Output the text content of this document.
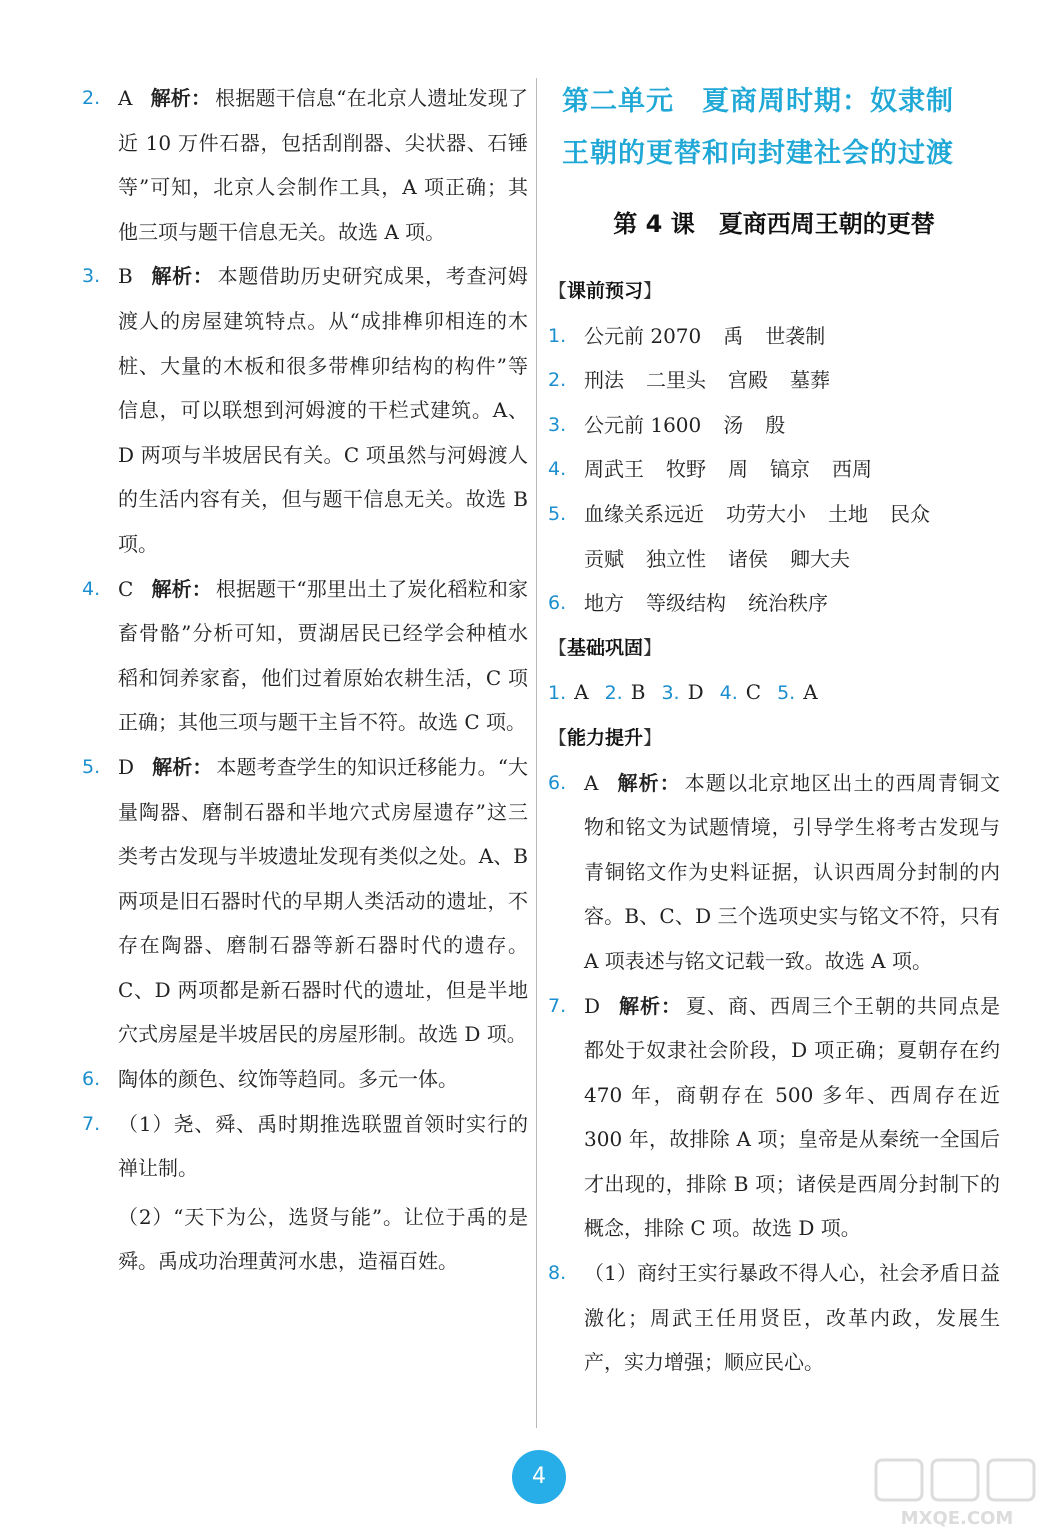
2. A 解析： 根据题干信息“在北京人遗址发现了近 10 万件石器，包括刮削器、尖状器、石锤等”可知，北京人会制作工具，A 项正确；其他三项与题干信息无关。故选 A 项。
3. B 解析： 本题借助历史研究成果，考查河姆渡人的房屋建筑特点。从“成排榫卯相连的木桩、大量的木板和很多带榫卯结构的构件”等信息，可以联想到河姆渡的干栏式建筑。A、D 两项与半坡居民有关。C 项虽然与河姆渡人的生活内容有关，但与题干信息无关。故选 B 项。
4. C 解析： 根据题干“那里出土了炭化稻粒和家畜骨骼”分析可知，贾湖居民已经学会种植水稻和饲养家畜，他们过着原始农耕生活，C 项正确；其他三项与题干主旨不符。故选 C 项。
5. D 解析： 本题考查学生的知识迁移能力。“大量陶器、磨制石器和半地穴式房屋遗存”这三类考古发现与半坡遗址发现有类似之处。A、B 两项是旧石器时代的早期人类活动的遗址，不存在陶器、磨制石器等新石器时代的遗存。C、D 两项都是新石器时代的遗址，但是半地穴式房屋是半坡居民的房屋形制。故选 D 项。
6. 陶体的颜色、纹饰等趋同。多元一体。
7. （1）尧、舜、禹时期推选联盟首领时实行的禅让制。
（2）“天下为公，选贤与能”。让位于禹的是舜。禹成功治理黄河水患，造福百姓。
第二单元　夏商周时期：奴隶制
王朝的更替和向封建社会的过渡
第 4 课　夏商西周王朝的更替
【课前预习】
1. 公元前 2070 禹 世袭制
2. 刑法 二里头 宫殿 墓葬
3. 公元前 1600 汤 殷
4. 周武王 牧野 周 镐京 西周
5. 血缘关系远近 功劳大小 土地 民众
贡赋 独立性 诸侯 卿大夫
6. 地方 等级结构 统治秩序
【基础巩固】
1. A 2. B 3. D 4. C 5. A
【能力提升】
6. A 解析： 本题以北京地区出土的西周青铜文物和铭文为试题情境，引导学生将考古发现与青铜铭文作为史料证据，认识西周分封制的内容。B、C、D 三个选项史实与铭文不符，只有 A 项表述与铭文记载一致。故选 A 项。
7. D 解析： 夏、商、西周三个王朝的共同点是都处于奴隶社会阶段，D 项正确；夏朝存在约 470 年，商朝存在 500 多年、西周存在近 300 年，故排除 A 项；皇帝是从秦统一全国后才出现的，排除 B 项；诸侯是西周分封制下的概念，排除 C 项。故选 D 项。
8. （1）商纣王实行暴政不得人心，社会矛盾日益激化；周武王任用贤臣，改革内政，发展生产，实力增强；顺应民心。
4
MXQE.COM
